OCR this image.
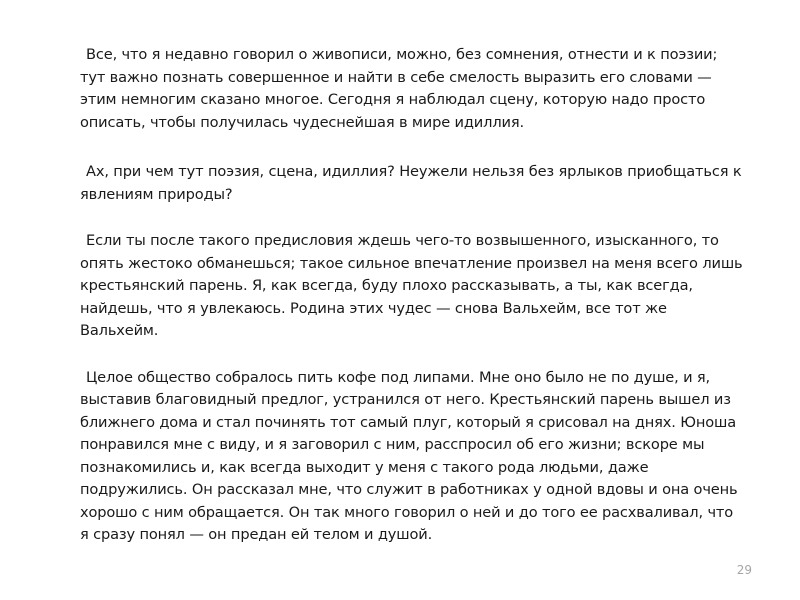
Все, что я недавно говорил о живописи, можно, без сомнения, отнести и к поэзии; тут важно познать совершенное и найти в себе смелость выразить его словами — этим немногим сказано многое. Сегодня я наблюдал сцену, которую надо просто описать, чтобы получилась чудеснейшая в мире идиллия.

Ах, при чем тут поэзия, сцена, идиллия? Неужели нельзя без ярлыков приобщаться к явлениям природы?

Если ты после такого предисловия ждешь чего-то возвышенного, изысканного, то опять жестоко обманешься; такое сильное впечатление произвел на меня всего лишь крестьянский парень. Я, как всегда, буду плохо рассказывать, а ты, как всегда, найдешь, что я увлекаюсь. Родина этих чудес — снова Вальхейм, все тот же Вальхейм.

Целое общество собралось пить кофе под липами. Мне оно было не по душе, и я, выставив благовидный предлог, устранился от него. Крестьянский парень вышел из ближнего дома и стал починять тот самый плуг, который я срисовал на днях. Юноша понравился мне с виду, и я заговорил с ним, расспросил об его жизни; вскоре мы познакомились и, как всегда выходит у меня с такого рода людьми, даже подружились. Он рассказал мне, что служит в работниках у одной вдовы и она очень хорошо с ним обращается. Он так много говорил о ней и до того ее расхваливал, что я сразу понял — он предан ей телом и душой.

29
